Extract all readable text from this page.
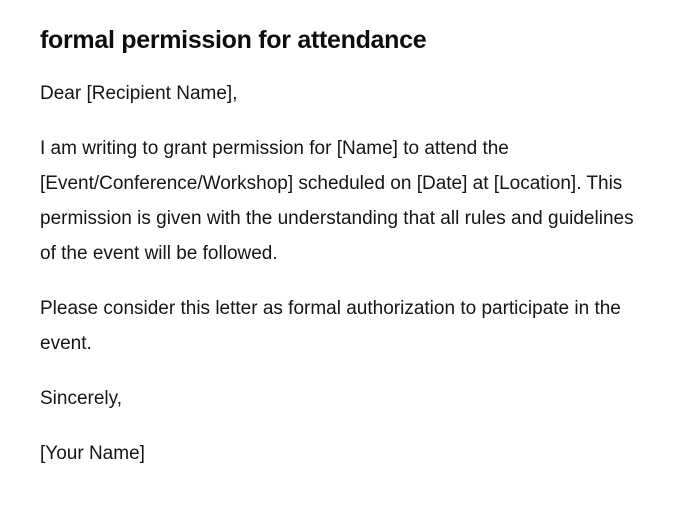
formal permission for attendance

Dear [Recipient Name],

I am writing to grant permission for [Name] to attend the [Event/Conference/Workshop] scheduled on [Date] at [Location]. This permission is given with the understanding that all rules and guidelines of the event will be followed.

Please consider this letter as formal authorization to participate in the event.

Sincerely,

[Your Name]
